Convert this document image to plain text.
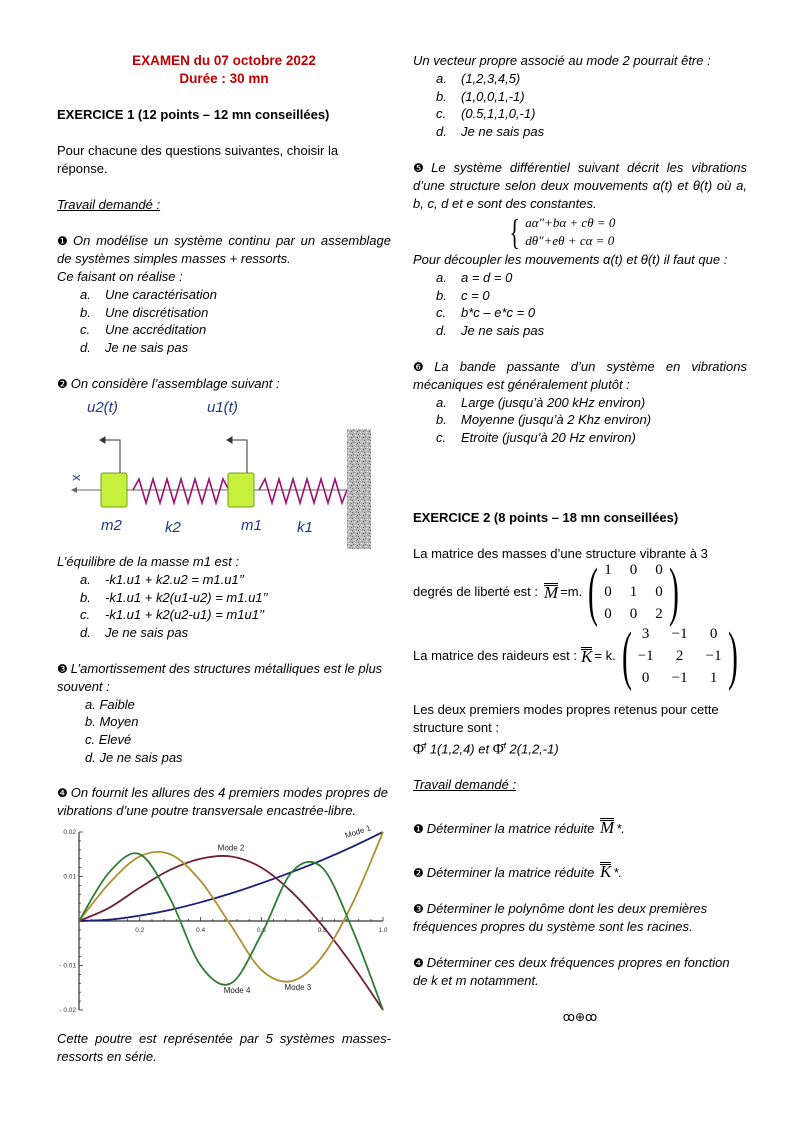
EXAMEN du 07 octobre 2022
Durée : 30 mn

EXERCICE 1 (12 points – 12 mn conseillées)

Pour chacune des questions suivantes, choisir la réponse.

Travail demandé :

❶ On modélise un système continu par un assemblage de systèmes simples masses + ressorts.

Ce faisant on réalise :

a.	Une caractérisation
b.	Une discrétisation
c.	Une accréditation
d.	Je ne sais pas

❷ On considère l’assemblage suivant :

u2(t)	u1(t)
x
m2	k2	m1 k1

L’équilibre de la masse m1 est :

a.	-k1.u1 + k2.u2 = m1.u1’’
b.	-k1.u1 + k2(u1-u2) = m1.u1’’
c.	-k1.u1 + k2(u2-u1) = m1u1’’
d.	Je ne sais pas

❸ L’amortissement des structures métalliques est le plus souvent :

a. Faible
b. Moyen
c. Elevé
d. Je ne sais pas

❹ On fournit les allures des 4 premiers modes propres de vibrations d’une poutre transversale encastrée-libre.

0.2	0.4	0.6	0.8	1.0
0.02
0.01
- 0.01
- 0.02
Mode 1
Mode 2
Mode 3
Mode 4

Cette poutre est représentée par 5 systèmes masses-ressorts en série.

Un vecteur propre associé au mode 2 pourrait être :

a.	(1,2,3,4,5)
b.	(1,0,0,1,-1)
c.	(0.5,1,1,0,-1)
d.	Je ne sais pas

❺ Le système différentiel suivant décrit les vibrations d’une structure selon deux mouvements α(t) et θ(t) où a, b, c, d et e sont des constantes.

{ aα"+bα + cθ = 0
dθ"+eθ + cα = 0

Pour découpler les mouvements α(t) et θ(t) il faut que :

a.	a = d = 0
b.	c = 0
c.	b*c – e*c = 0
d.	Je ne sais pas

❻ La bande passante d’un système en vibrations mécaniques est généralement plutôt :

a.	Large (jusqu’à 200 kHz environ)
b.	Moyenne (jusqu’à 2 Khz environ)
c.	Etroite (jusqu’à 20 Hz environ)

EXERCICE 2 (8 points – 18 mn conseillées)

La matrice des masses d’une structure vibrante à 3

degrés de liberté est : M =m. ( 1 0 0
0 1 0
0 0 2 )
La matrice des raideurs est : K = k. ( 3 −1 0
−1 2 −1
0 −1 1 )

Les deux premiers modes propres retenus pour cette structure sont :

Φ̄$^t$ 1(1,2,4) et Φ̄$^t$ 2(1,2,-1)

Travail demandé :

❶ Déterminer la matrice réduite M *.

❷ Déterminer la matrice réduite K *.

❸ Déterminer le polynôme dont les deux premières fréquences propres du système sont les racines.

❹ Déterminer ces deux fréquences propres en fonction de k et m notamment.

ꝏ⊕ꝏ
